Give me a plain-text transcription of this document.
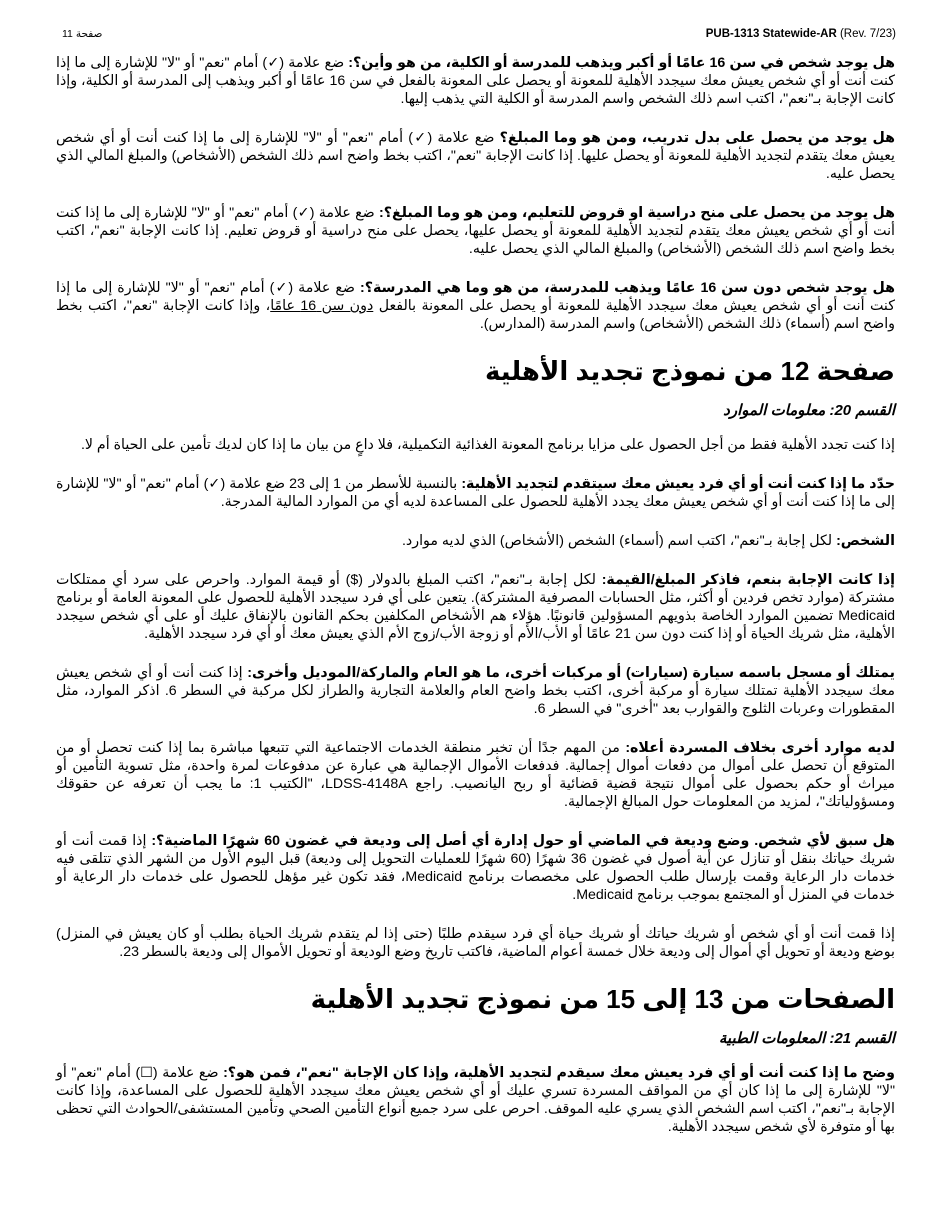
صفحة 11	PUB-1313 Statewide-AR (Rev. 7/23)

هل يوجد شخص في سن 16 عامًا أو أكبر ويذهب للمدرسة أو الكلية، من هو وأين؟: ضع علامة (✓) أمام "نعم" أو "لا" للإشارة إلى ما إذا كنت أنت أو أي شخص يعيش معك سيجدد الأهلية للمعونة أو يحصل على المعونة بالفعل في سن 16 عامًا أو أكبر ويذهب إلى المدرسة أو الكلية، وإذا كانت الإجابة بـ"نعم"، اكتب اسم ذلك الشخص واسم المدرسة أو الكلية التي يذهب إليها.

هل يوجد من يحصل على بدل تدريب، ومن هو وما المبلغ؟ ضع علامة (✓) أمام "نعم" أو "لا" للإشارة إلى ما إذا كنت أنت أو أي شخص يعيش معك يتقدم لتجديد الأهلية للمعونة أو يحصل عليها. إذا كانت الإجابة "نعم"، اكتب بخط واضح اسم ذلك الشخص (الأشخاص) والمبلغ المالي الذي يحصل عليه.

هل يوجد من يحصل على منح دراسية او قروض للتعليم، ومن هو وما المبلغ؟: ضع علامة (✓) أمام "نعم" أو "لا" للإشارة إلى ما إذا كنت أنت أو أي شخص يعيش معك يتقدم لتجديد الأهلية للمعونة أو يحصل عليها، يحصل على منح دراسية أو قروض تعليم. إذا كانت الإجابة "نعم"، اكتب بخط واضح اسم ذلك الشخص (الأشخاص) والمبلغ المالي الذي يحصل عليه.

هل يوجد شخص دون سن 16 عامًا ويذهب للمدرسة، من هو وما هي المدرسة؟: ضع علامة (✓) أمام "نعم" أو "لا" للإشارة إلى ما إذا كنت أنت أو أي شخص يعيش معك سيجدد الأهلية للمعونة أو يحصل على المعونة بالفعل دون سن 16 عامًا، وإذا كانت الإجابة "نعم"، اكتب بخط واضح اسم (أسماء) ذلك الشخص (الأشخاص) واسم المدرسة (المدارس).

صفحة 12 من نموذج تجديد الأهلية
القسم 20: معلومات الموارد

إذا كنت تجدد الأهلية فقط من أجل الحصول على مزايا برنامج المعونة الغذائية التكميلية، فلا داعٍ من بيان ما إذا كان لديك تأمين على الحياة أم لا.

حدّد ما إذا كنت أنت أو أي فرد يعيش معك سيتقدم لتجديد الأهلية: بالنسبة للأسطر من 1 إلى 23 ضع علامة (✓) أمام "نعم" أو "لا" للإشارة إلى ما إذا كنت أنت أو أي شخص يعيش معك يجدد الأهلية للحصول على المساعدة لديه أي من الموارد المالية المدرجة.

الشخص: لكل إجابة بـ"نعم"، اكتب اسم (أسماء) الشخص (الأشخاص) الذي لديه موارد.

إذا كانت الإجابة بنعم، فاذكر المبلغ/القيمة: لكل إجابة بـ"نعم"، اكتب المبلغ بالدولار ($) أو قيمة الموارد. واحرص على سرد أي ممتلكات مشتركة (موارد تخص فردين أو أكثر، مثل الحسابات المصرفية المشتركة). يتعين على أي فرد سيجدد الأهلية للحصول على المعونة العامة أو برنامج Medicaid تضمين الموارد الخاصة بذويهم المسؤولين قانونيًا. هؤلاء هم الأشخاص المكلفين بحكم القانون بالإنفاق عليك أو على أي شخص سيجدد الأهلية، مثل شريك الحياة أو إذا كنت دون سن 21 عامًا أو الأب/الأم أو زوجة الأب/زوج الأم الذي يعيش معك أو أي فرد سيجدد الأهلية.

يمتلك أو مسجل باسمه سيارة (سيارات) أو مركبات أخرى، ما هو العام والماركة/الموديل وأخرى: إذا كنت أنت أو أي شخص يعيش معك سيجدد الأهلية تمتلك سيارة أو مركبة أخرى، اكتب بخط واضح العام والعلامة التجارية والطراز لكل مركبة في السطر 6. اذكر الموارد، مثل المقطورات وعربات الثلوج والقوارب بعد "أخرى" في السطر 6.

لديه موارد أخرى بخلاف المسردة أعلاه: من المهم جدًا أن تخبر منطقة الخدمات الاجتماعية التي تتبعها مباشرة بما إذا كنت تحصل أو من المتوقع أن تحصل على أموال من دفعات أموال إجمالية. فدفعات الأموال الإجمالية هي عبارة عن مدفوعات لمرة واحدة، مثل تسوية التأمين أو ميراث أو حكم بحصول على أموال نتيجة قضية قضائية أو ربح اليانصيب. راجع LDSS-4148A، "الكتيب 1: ما يجب أن تعرفه عن حقوقك ومسؤولياتك"، لمزيد من المعلومات حول المبالغ الإجمالية.

هل سبق لأي شخص. وضع وديعة في الماضي أو حول إدارة أي أصل إلى وديعة في غضون 60 شهرًا الماضية؟: إذا قمت أنت أو شريك حياتك بنقل أو تنازل عن أية أصول في غضون 36 شهرًا (60 شهرًا للعمليات التحويل إلى وديعة) قبل اليوم الأول من الشهر الذي تتلقى فيه خدمات دار الرعاية وقمت بإرسال طلب الحصول على مخصصات برنامج Medicaid، فقد تكون غير مؤهل للحصول على خدمات دار الرعاية أو خدمات في المنزل أو المجتمع بموجب برنامج Medicaid.

إذا قمت أنت أو أي شخص أو شريك حياتك أو شريك حياة أي فرد سيقدم طلبًا (حتى إذا لم يتقدم شريك الحياة بطلب أو كان يعيش في المنزل) بوضع وديعة أو تحويل أي أموال إلى وديعة خلال خمسة أعوام الماضية، فاكتب تاريخ وضع الوديعة أو تحويل الأموال إلى وديعة بالسطر 23.

الصفحات من 13 إلى 15 من نموذج تجديد الأهلية
القسم 21: المعلومات الطبية

وضح ما إذا كنت أنت أو أي فرد يعيش معك سيقدم لتجديد الأهلية، وإذا كان الإجابة "نعم"، فمن هو؟: ضع علامة (☐) أمام "نعم" أو "لا" للإشارة إلى ما إذا كان أي من المواقف المسردة تسري عليك أو أي شخص يعيش معك سيجدد الأهلية للحصول على المساعدة، وإذا كانت الإجابة بـ"نعم"، اكتب اسم الشخص الذي يسري عليه الموقف. احرص على سرد جميع أنواع التأمين الصحي وتأمين المستشفى/الحوادث التي تحظى بها أو متوفرة لأي شخص سيجدد الأهلية.
